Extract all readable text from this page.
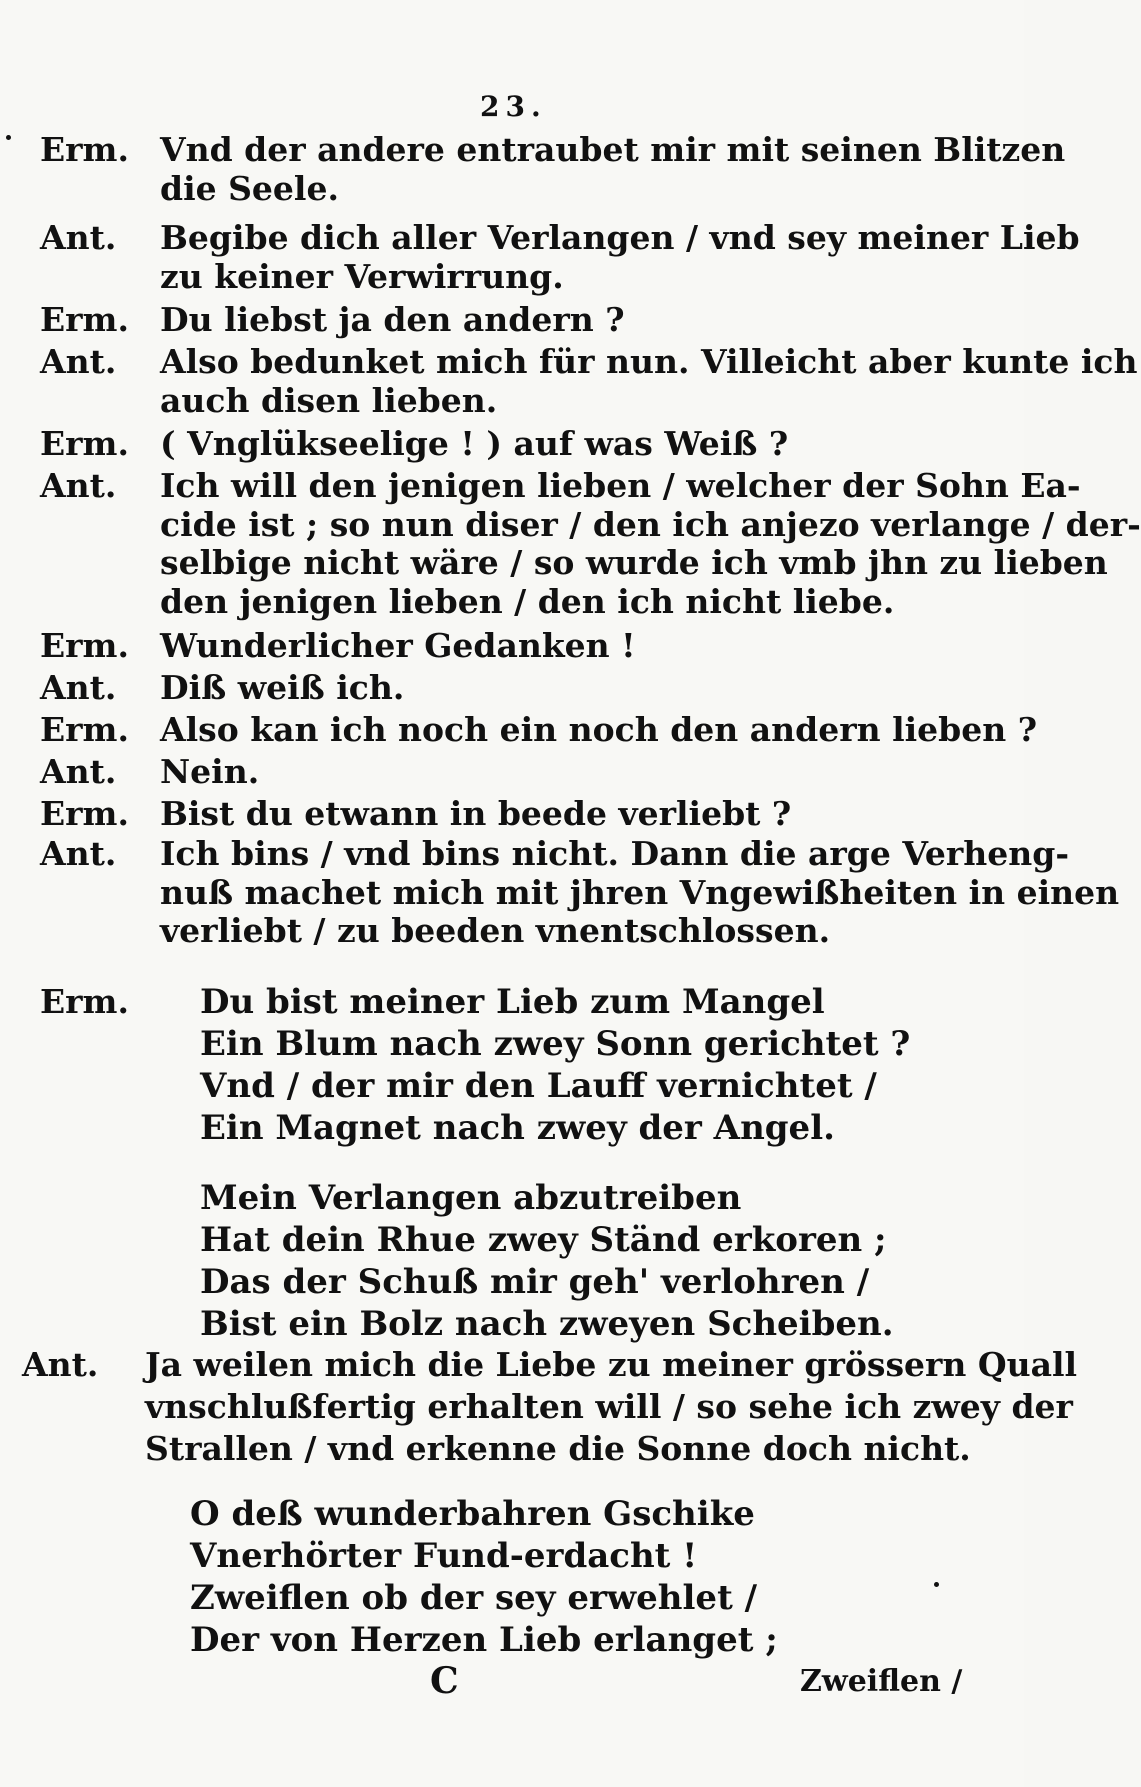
23.
Erm. Vnd der andere entraubet mir mit seinen Blitzen
die Seele.
Ant.	Begibe dich aller Verlangen / vnd sey meiner Lieb
zu keiner Verwirrung.
Erm. Du liebst ja den andern ?
Ant.	Also bedunket mich für nun. Villeicht aber kunte ich
auch disen lieben.
Erm. ( Vnglükseelige ! ) auf was Weiß ?
Ant.	Ich will den jenigen lieben / welcher der Sohn Ea-
cide ist ; so nun diser / den ich anjezo verlange / der-
selbige nicht wäre / so wurde ich vmb jhn zu lieben
den jenigen lieben / den ich nicht liebe.
Erm. Wunderlicher Gedanken !
Ant.	Diß weiß ich.
Erm. Also kan ich noch ein noch den andern lieben ?
Ant.	Nein.
Erm. Bist du etwann in beede verliebt ?
Ant.	Ich bins / vnd bins nicht. Dann die arge Verheng-
nuß machet mich mit jhren Vngewißheiten in einen
verliebt / zu beeden vnentschlossen.
Erm. Du bist meiner Lieb zum Mangel
Ein Blum nach zwey Sonn gerichtet ?
Vnd / der mir den Lauff vernichtet /
Ein Magnet nach zwey der Angel.
Mein Verlangen abzutreiben
Hat dein Rhue zwey Ständ erkoren ;
Das der Schuß mir geh' verlohren /
Bist ein Bolz nach zweyen Scheiben.
Ant. Ja weilen mich die Liebe zu meiner grössern Quall
vnschlußfertig erhalten will / so sehe ich zwey der
Strallen / vnd erkenne die Sonne doch nicht.
O deß wunderbahren Gschike
Vnerhörter Fund-erdacht !
Zweiflen ob der sey erwehlet /
Der von Herzen Lieb erlanget ;
C	Zweiflen /
